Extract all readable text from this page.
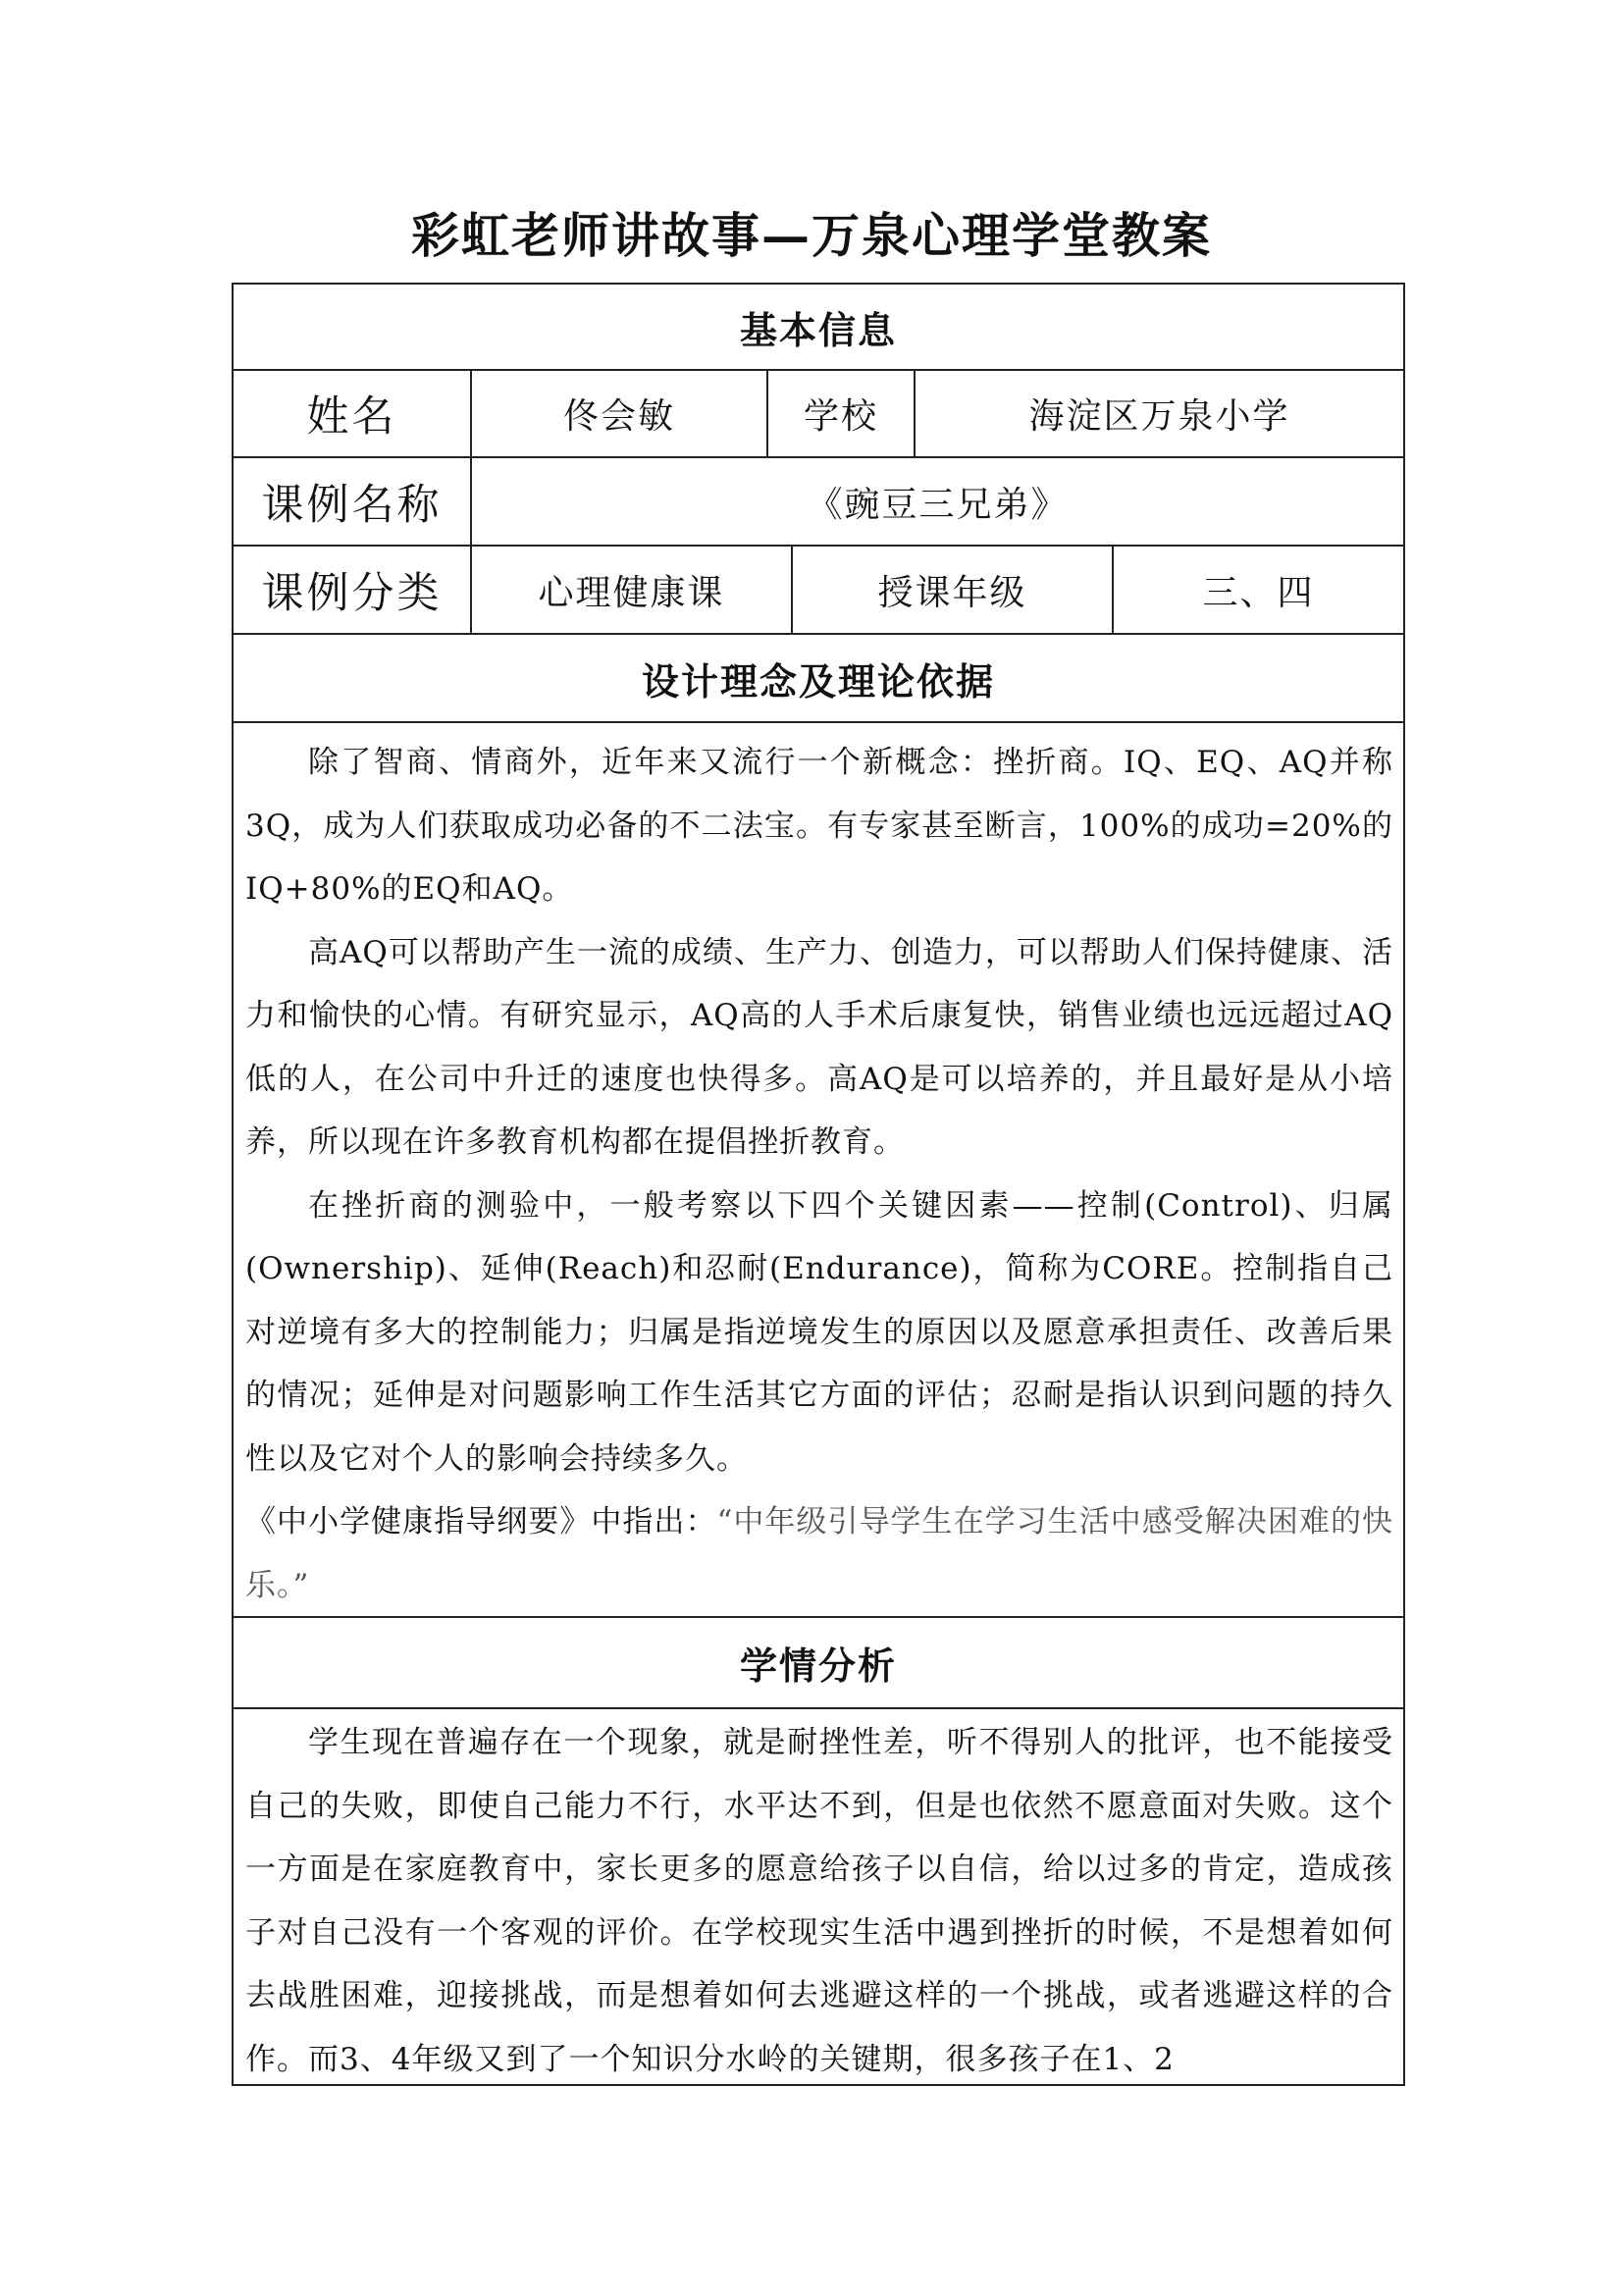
彩虹老师讲故事—万泉心理学堂教案
基本信息
姓名	佟会敏	学校	海淀区万泉小学
课例名称	《豌豆三兄弟》
课例分类	心理健康课	授课年级	三、四
设计理念及理论依据

除了智商、情商外，近年来又流行一个新概念：挫折商。IQ、EQ、AQ并称3Q，成为人们获取成功必备的不二法宝。有专家甚至断言，100%的成功=20%的IQ+80%的EQ和AQ。

高AQ可以帮助产生一流的成绩、生产力、创造力，可以帮助人们保持健康、活力和愉快的心情。有研究显示，AQ高的人手术后康复快，销售业绩也远远超过AQ低的人，在公司中升迁的速度也快得多。高AQ是可以培养的，并且最好是从小培养，所以现在许多教育机构都在提倡挫折教育。

在挫折商的测验中，一般考察以下四个关键因素——控制(Control)、归属(Ownership)、延伸(Reach)和忍耐(Endurance)，简称为CORE。控制指自己对逆境有多大的控制能力；归属是指逆境发生的原因以及愿意承担责任、改善后果的情况；延伸是对问题影响工作生活其它方面的评估；忍耐是指认识到问题的持久性以及它对个人的影响会持续多久。

《中小学健康指导纲要》中指出：“中年级引导学生在学习生活中感受解决困难的快乐。”

学情分析

学生现在普遍存在一个现象，就是耐挫性差，听不得别人的批评，也不能接受自己的失败，即使自己能力不行，水平达不到，但是也依然不愿意面对失败。这个一方面是在家庭教育中，家长更多的愿意给孩子以自信，给以过多的肯定，造成孩子对自己没有一个客观的评价。在学校现实生活中遇到挫折的时候，不是想着如何去战胜困难，迎接挑战，而是想着如何去逃避这样的一个挑战，或者逃避这样的合作。而3、4年级又到了一个知识分水岭的关键期，很多孩子在1、2
